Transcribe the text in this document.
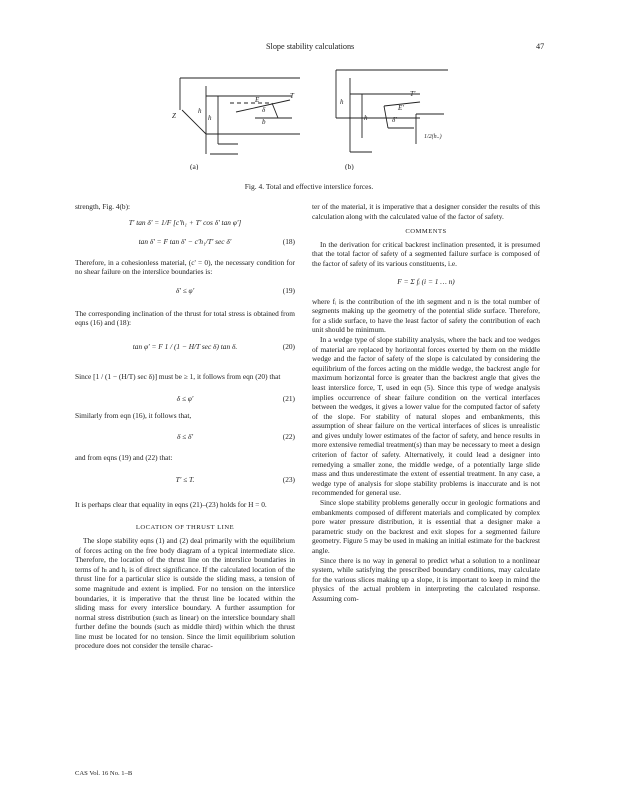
Slope stability calculations	47
Z
h
h
T
E
δ
b
h
h
T'
E'
δ'
1/2(h..)
(a)	(b)
Fig. 4. Total and effective interslice forces.

strength, Fig. 4(b):

T' tan δ' = 1/F [c'h₁ + T' cos δ' tan φ']
tan δ' = F tan δ' − c'h₁/T' sec δ'	(18)

Therefore, in a cohesionless material, (c' = 0), the necessary condition for no shear failure on the interslice boundaries is:

δ' ≤ φ'	(19)

The corresponding inclination of the thrust for total stress is obtained from eqns (16) and (18):

tan φ' = F 1 / (1 − H/T sec δ) tan δ.	(20)

Since [1 / (1 − (H/T) sec δ)] must be ≥ 1, it follows from eqn (20) that

δ ≤ φ'	(21)

Similarly from eqn (16), it follows that,

δ ≤ δ'	(22)

and from eqns (19) and (22) that:

T' ≤ T.	(23)

It is perhaps clear that equality in eqns (21)–(23) holds for H = 0.

LOCATION OF THRUST LINE

The slope stability eqns (1) and (2) deal primarily with the equilibrium of forces acting on the free body diagram of a typical intermediate slice. Therefore, the location of the thrust line on the interslice boundaries in terms of hₗ and hᵣ is of direct significance. If the calculated location of the thrust line for a particular slice is outside the sliding mass, a tension of some magnitude and extent is implied. For no tension on the interslice boundaries, it is imperative that the thrust line be located within the sliding mass for every interslice boundary. A further assumption for normal stress distribution (such as linear) on the interslice boundary shall further define the bounds (such as middle third) within which the thrust line must be located for no tension. Since the limit equilibrium solution procedure does not consider the tensile charac-

ter of the material, it is imperative that a designer consider the results of this calculation along with the calculated value of the factor of safety.

COMMENTS

In the derivation for critical backrest inclination presented, it is presumed that the total factor of safety of a segmented failure surface is composed of the factor of safety of its various constituents, i.e.

F = Σ fᵢ (i = 1 … n)

where fᵢ is the contribution of the ith segment and n is the total number of segments making up the geometry of the potential slide surface. Therefore, for a slide surface, to have the least factor of safety the contribution of each unit should be minimum.

In a wedge type of slope stability analysis, where the back and toe wedges of material are replaced by horizontal forces exerted by them on the middle wedge and the factor of safety of the slope is calculated by considering the equilibrium of the forces acting on the middle wedge, the backrest angle for maximum horizontal force is greater than the backrest angle that gives the least interslice force, T, used in eqn (5). Since this type of wedge analysis implies occurrence of shear failure condition on the vertical interfaces between the wedges, it gives a lower value for the computed factor of safety of the slope. For stability of natural slopes and embankments, this assumption of shear failure on the vertical interfaces of slices is unrealistic and gives unduly lower estimates of the factor of safety, and hence results in more extensive remedial treatment(s) than may be necessary to meet a design criterion of factor of safety. Alternatively, it could lead a designer into remedying a smaller zone, the middle wedge, of a potentially large slide mass and thus underestimate the extent of essential treatment. In any case, a wedge type of analysis for slope stability problems is inaccurate and is not recommended for general use.

Since slope stability problems generally occur in geologic formations and embankments composed of different materials and complicated by complex pore water pressure distribution, it is essential that a designer make a parametric study on the backrest and exit slopes for a segmented failure geometry. Figure 5 may be used in making an initial estimate for the backrest angle.

Since there is no way in general to predict what a solution to a nonlinear system, while satisfying the prescribed boundary conditions, may calculate for the various slices making up a slope, it is important to keep in mind the physics of the actual problem in interpreting the calculated response. Assuming com-

CAS Vol. 16 No. 1–B
